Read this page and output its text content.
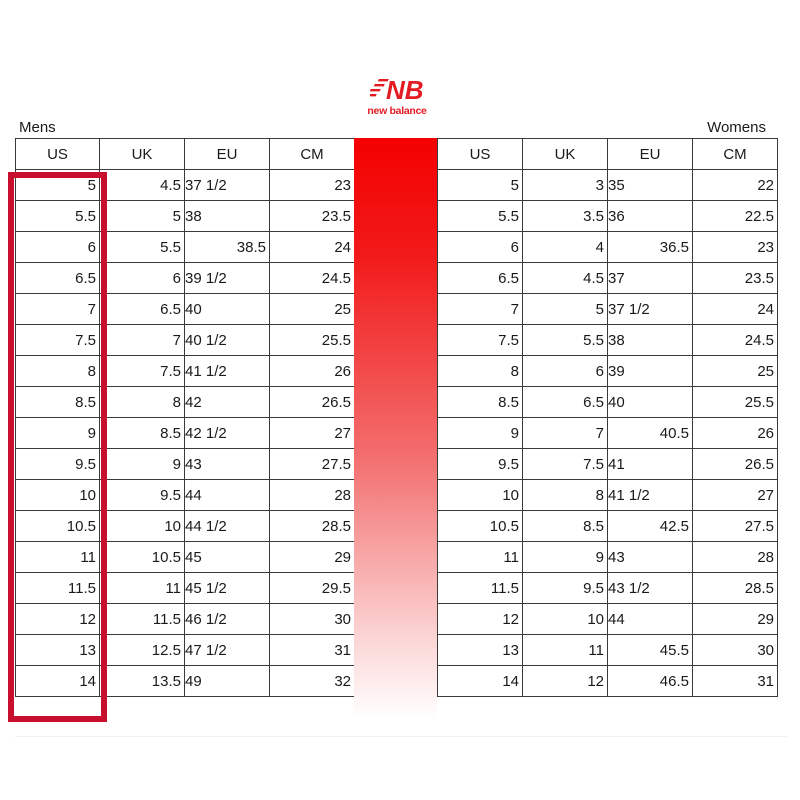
NB
new balance
Mens	Womens
US	UK	EU	CM
5	4.5	37 1/2	23
5.5	5	38	23.5
6	5.5	38.5	24
6.5	6	39 1/2	24.5
7	6.5	40	25
7.5	7	40 1/2	25.5
8	7.5	41 1/2	26
8.5	8	42	26.5
9	8.5	42 1/2	27
9.5	9	43	27.5
10	9.5	44	28
10.5	10	44 1/2	28.5
11	10.5	45	29
11.5	11	45 1/2	29.5
12	11.5	46 1/2	30
13	12.5	47 1/2	31
14	13.5	49	32
US	UK	EU	CM
5	3	35	22
5.5	3.5	36	22.5
6	4	36.5	23
6.5	4.5	37	23.5
7	5	37 1/2	24
7.5	5.5	38	24.5
8	6	39	25
8.5	6.5	40	25.5
9	7	40.5	26
9.5	7.5	41	26.5
10	8	41 1/2	27
10.5	8.5	42.5	27.5
11	9	43	28
11.5	9.5	43 1/2	28.5
12	10	44	29
13	11	45.5	30
14	12	46.5	31
